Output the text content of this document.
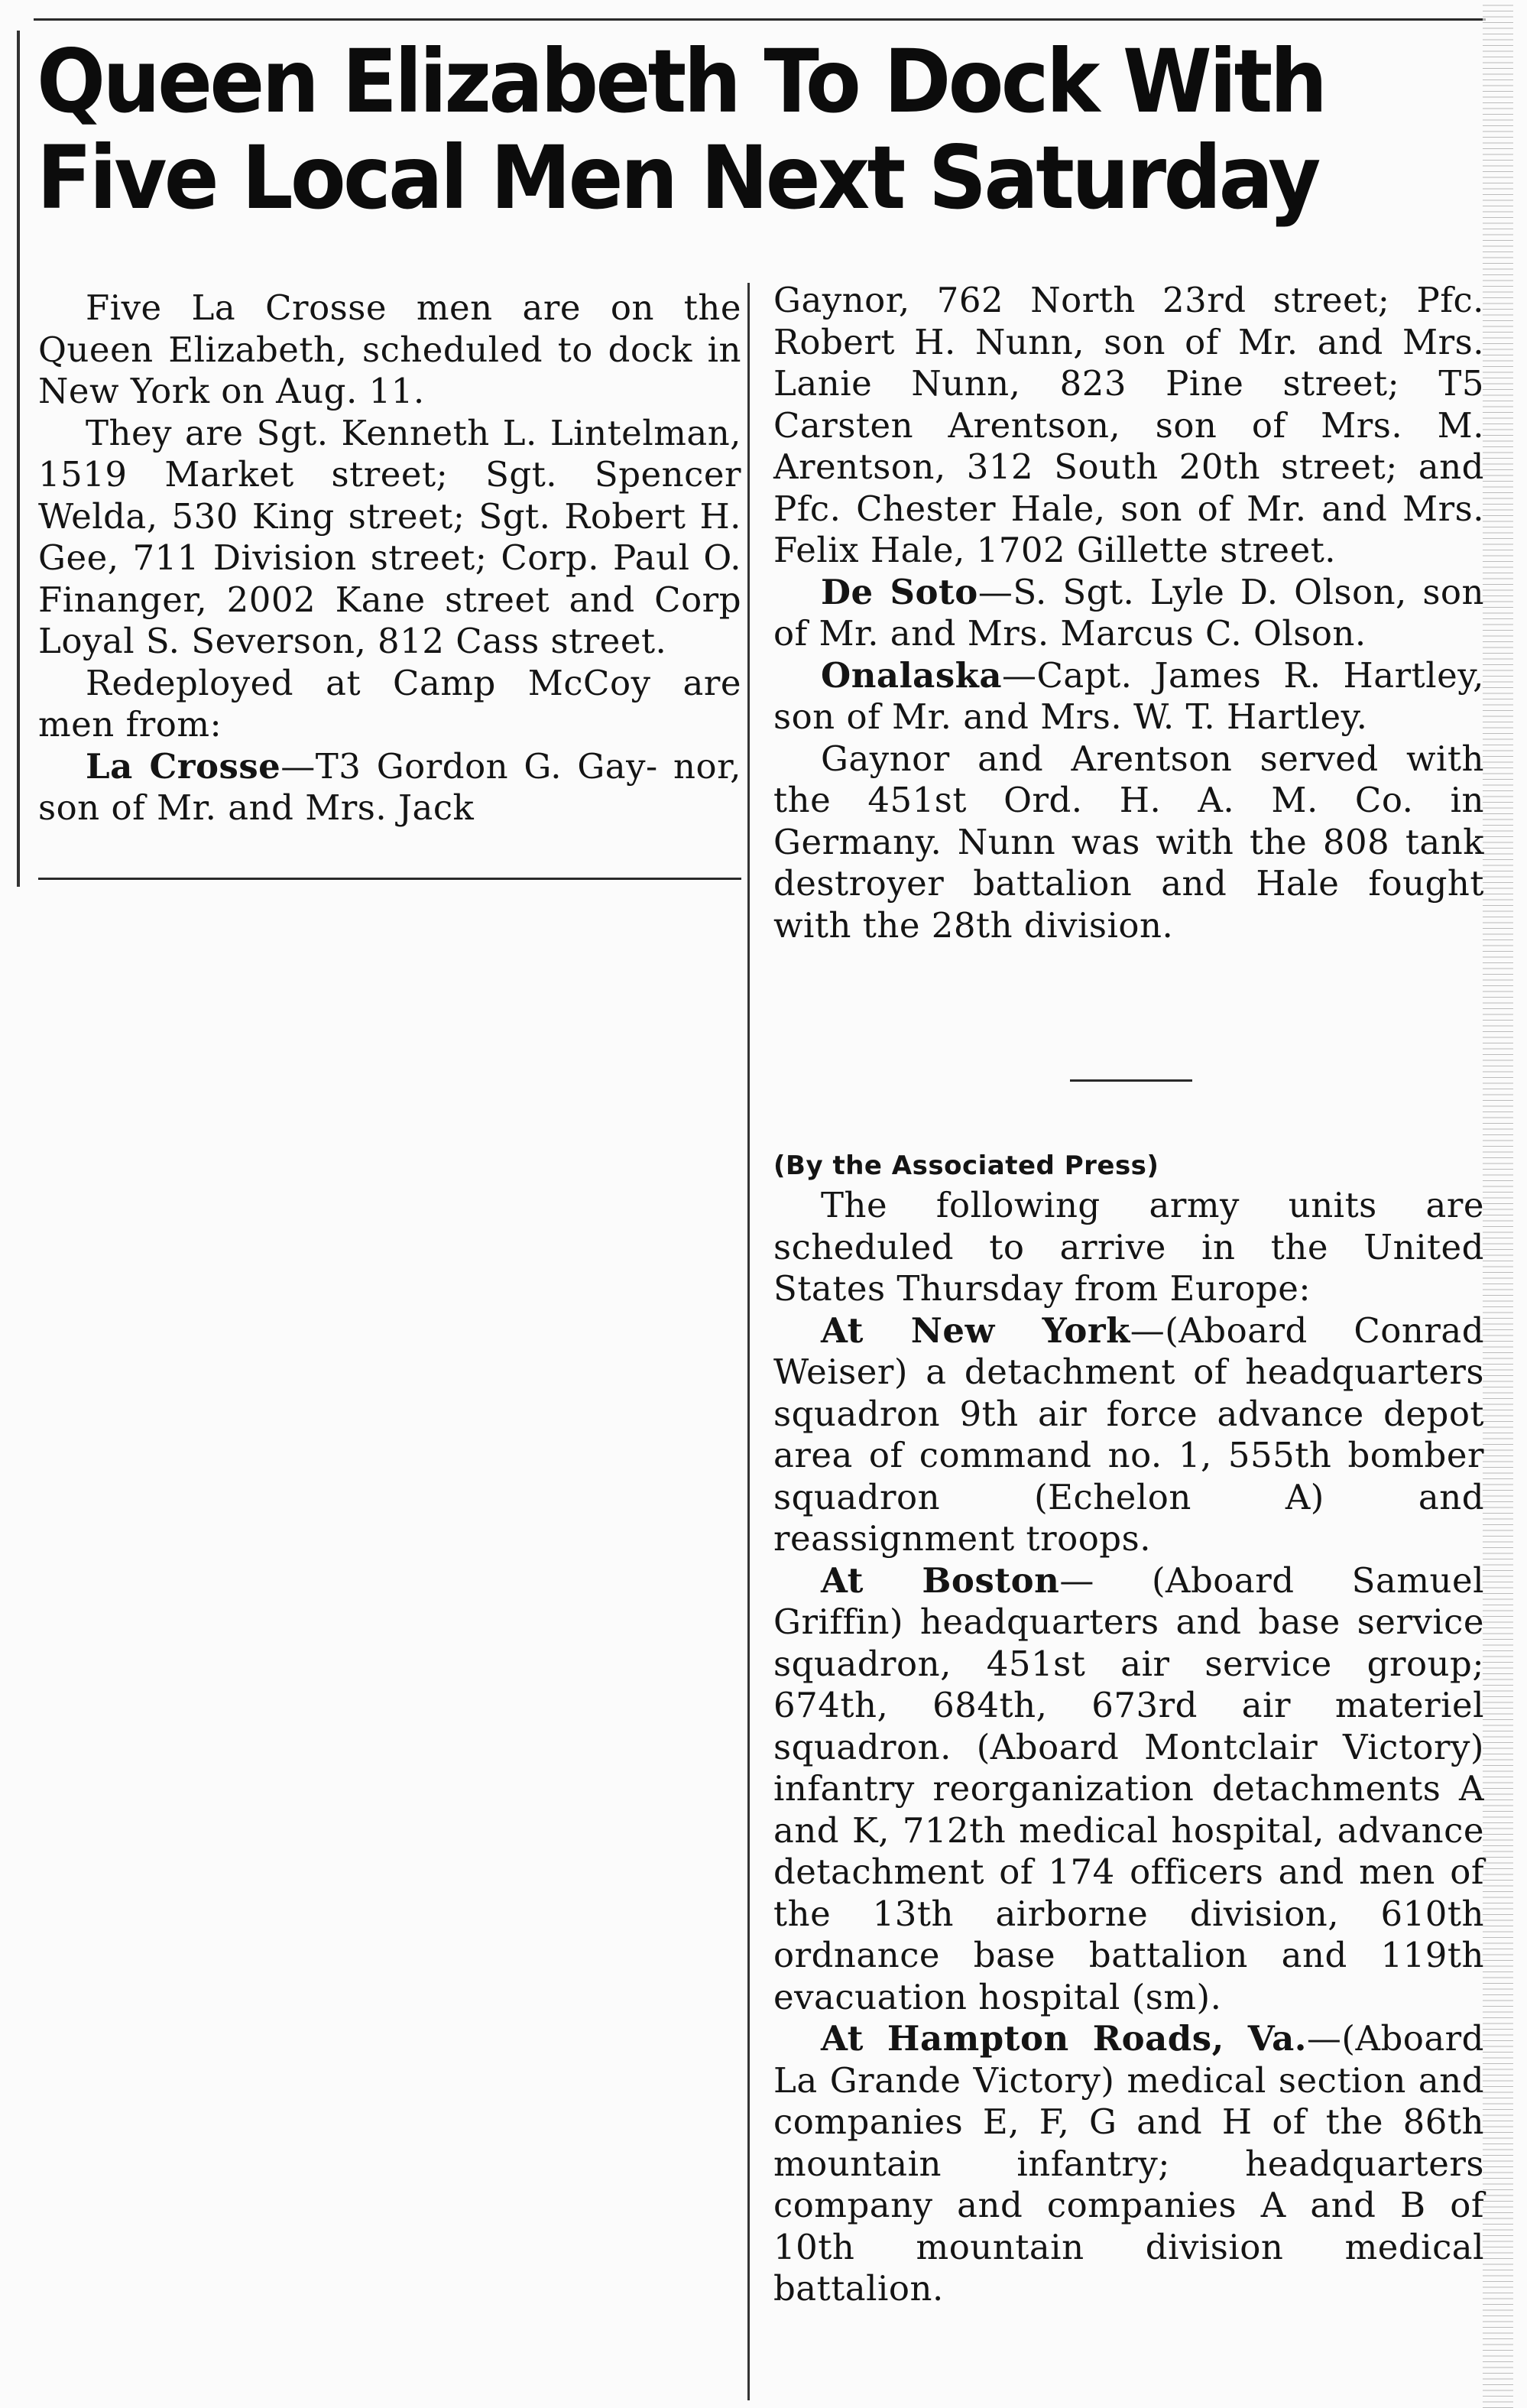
Queen Elizabeth To Dock With Five Local Men Next Saturday

Five La Crosse men are on the Queen Elizabeth, scheduled to dock in New York on Aug. 11.

They are Sgt. Kenneth L. Lintelman, 1519 Market street; Sgt. Spencer Welda, 530 King street; Sgt. Robert H. Gee, 711 Division street; Corp. Paul O. Finanger, 2002 Kane street and Corp Loyal S. Severson, 812 Cass street.

Redeployed at Camp McCoy are men from:

La Crosse—T3 Gordon G. Gay- nor, son of Mr. and Mrs. Jack

Gaynor, 762 North 23rd street; Pfc. Robert H. Nunn, son of Mr. and Mrs. Lanie Nunn, 823 Pine street; T5 Carsten Arentson, son of Mrs. M. Arentson, 312 South 20th street; and Pfc. Chester Hale, son of Mr. and Mrs. Felix Hale, 1702 Gillette street.

De Soto—S. Sgt. Lyle D. Olson, son of Mr. and Mrs. Marcus C. Olson.

Onalaska—Capt. James R. Hartley, son of Mr. and Mrs. W. T. Hartley.

Gaynor and Arentson served with the 451st Ord. H. A. M. Co. in Germany. Nunn was with the 808 tank destroyer battalion and Hale fought with the 28th division.

(By the Associated Press)

The following army units are scheduled to arrive in the United States Thursday from Europe:

At New York—(Aboard Conrad Weiser) a detachment of headquarters squadron 9th air force advance depot area of command no. 1, 555th bomber squadron (Echelon A) and reassignment troops.

At Boston— (Aboard Samuel Griffin) headquarters and base service squadron, 451st air service group; 674th, 684th, 673rd air materiel squadron. (Aboard Montclair Victory) infantry reorganization detachments A and K, 712th medical hospital, advance detachment of 174 officers and men of the 13th airborne division, 610th ordnance base battalion and 119th evacuation hospital (sm).

At Hampton Roads, Va.—(Aboard La Grande Victory) medical section and companies E, F, G and H of the 86th mountain infantry; headquarters company and companies A and B of 10th mountain division medical battalion.
